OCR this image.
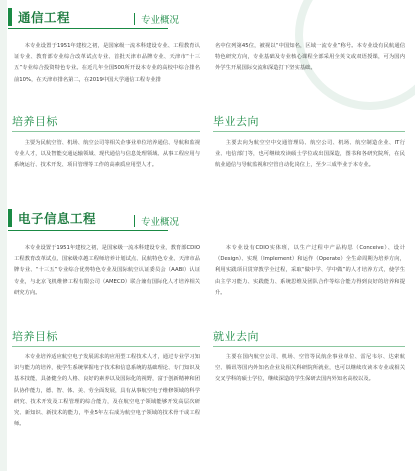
通信工程	专业概况

本专业设置于1951年建校之初，是国家级一流本科建设专业、工程教育认证专业、教育部专业综合改革试点专业、首批天津市品牌专业、天津市“十三五”专业综合投资特色专业。在近几年全国500所开设本专业的高校中综合排名前10%，在天津市排名第二，在2019中国大学通信工程专业排

名中位列第45位，被视以“中国知名，区域一流专业”称号。本专业设有民航通信特色研究方向，专业基础及专业核心课程全部采用全英文或双语授课，可为国内外学生开展国际交流和深造打下坚实基础。

培养目标

主要为民航空管、机场、航空公司等相关企事业单位培养通信、导航和监视专业人才，以及智能交通运输领域、现代通信与信息处理领域、从事工程应用与系统运行、技术开发、项目管理等工作的高素质应用型人才。

毕业去向

主要去向为航空空中交通管理局、航空公司、机场、航空制造企业、IT行业、电信部门等，也可继续攻读硕士学位或出国深造，图书和各研究院所，在民航业通信与导航监视和空管自动化岗位上，至少三成毕业于本专业。

电子信息工程	专业概况

本专业设置于1951年建校之初，是国家级一流本科建设专业，教育部CDIO工程教育改革试点、国家级卓越工程师培养计划试点、民航特色专业、天津市品牌专业、“十三五”专业综合优势特色专业及国际航空认证委员会（AABI）认证专业，与北京飞机维修工程有限公司（AMECO）联合兼有国际化人才培养相关研究方向。

本专业设有CDIO实体班，以生产过程中产品构思（Conceive）、设计（Design）、实现（Implement）和运作（Operate）全生命周期为培养方向，利用实践项目贯穿教学全过程，采取“做中学、学中做”的人才培养方式，使学生由主学习能力、实践能力、系统思维及团队合作等综合能力得到良好的培养和提升。

培养目标

本专业培养适应航空电子发展需求的应用型工程技术人才，通过专业学习知识与能力的培养，使学生系统掌握电子技术和信息系统的基础理论、专门知识及基本技能，具备健全的人格、良好的素养以及国际化的视野，富于创新精神和团队协作能力，德、智、体、美、劳全面发展，具有从事航空电子维修领域的科学研究、技术开发及工程管理的综合能力，及在航空电子领域能够开发高层次研究、新知识、新技术的能力，毕业5年左右成为航空电子领域的技术骨干或工程师。

就业去向

主要在国内航空公司、机场、空管等民航企事业单位、雷尼韦尔、达索航空、腾讯等国内外知名企业及相关科研院所就业，也可以继续攻读本专业或相关交叉学科的硕士学位，继续深造的学生保研去国内外知名高校以及。
